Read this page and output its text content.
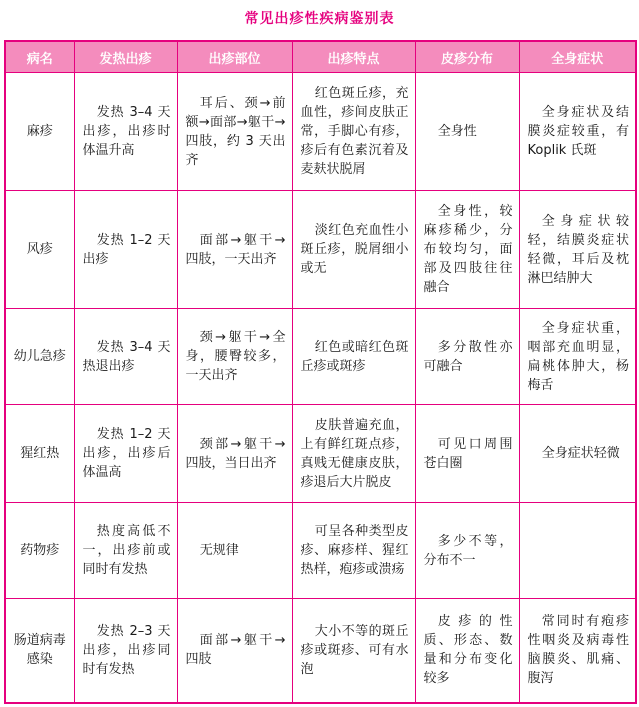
常见出疹性疾病鉴别表
病名	发热出疹	出疹部位	出疹特点	皮疹分布	全身症状
麻疹	发热 3–4 天出疹，出疹时体温升高	耳后、颈→前额→面部→躯干→四肢，约 3 天出齐	红色斑丘疹，充血性，疹间皮肤正常，手脚心有疹，疹后有色素沉着及麦麸状脱屑	全身性	全身症状及结膜炎症较重，有 Koplik 氏斑

风疹	发热 1–2 天出疹	面部→躯干→四肢，一天出齐	淡红色充血性小斑丘疹，脱屑细小或无	全身性，较麻疹稀少，分布较均匀，面部及四肢往往融合	全身症状较轻，结膜炎症状轻微，耳后及枕淋巴结肿大

幼儿急疹	发热 3–4 天热退出疹	颈→躯干→全身，腰臀较多，一天出齐	红色或暗红色斑丘疹或斑疹	多分散性亦可融合	全身症状重，咽部充血明显，扁桃体肿大，杨梅舌

猩红热	发热 1–2 天出疹，出疹后体温高	颈部→躯干→四肢，当日出齐	皮肤普遍充血，上有鲜红斑点疹，真贱无健康皮肤，疹退后大片脱皮	可见口周围苍白圈	全身症状轻微

药物疹	热度高低不一，出疹前或同时有发热	无规律	可呈各种类型皮疹、麻疹样、猩红热样，疱疹或溃疡	多少不等，分布不一	

肠道病毒感染	发热 2–3 天出疹，出疹同时有发热	面部→躯干→四肢	大小不等的斑丘疹或斑疹、可有水泡	皮疹的性质、形态、数量和分布变化较多	常同时有疱疹性咽炎及病毒性脑膜炎、肌痛、腹泻
